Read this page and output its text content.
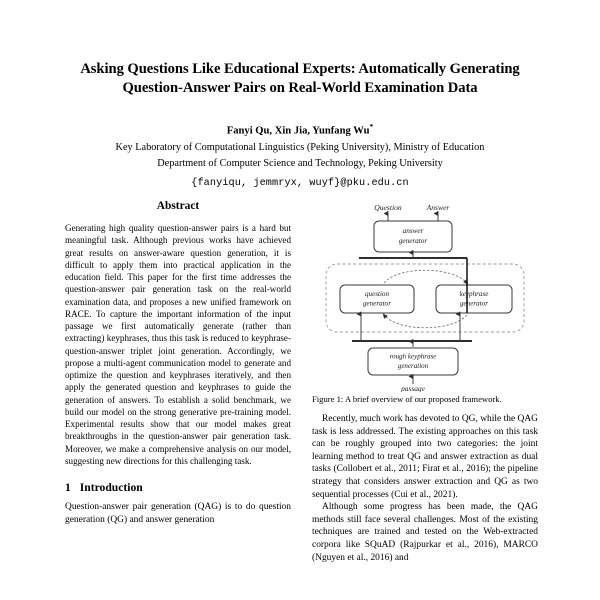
Asking Questions Like Educational Experts: Automatically Generating Question-Answer Pairs on Real-World Examination Data
Fanyi Qu, Xin Jia, Yunfang Wu*
Key Laboratory of Computational Linguistics (Peking University), Ministry of Education
Department of Computer Science and Technology, Peking University
{fanyiqu, jemmryx, wuyf}@pku.edu.cn
Abstract

Generating high quality question-answer pairs is a hard but meaningful task. Although previous works have achieved great results on answer-aware question generation, it is difficult to apply them into practical application in the education field. This paper for the first time addresses the question-answer pair generation task on the real-world examination data, and proposes a new unified framework on RACE. To capture the important information of the input passage we first automatically generate (rather than extracting) keyphrases, thus this task is reduced to keyphrase-question-answer triplet joint generation. Accordingly, we propose a multi-agent communication model to generate and optimize the question and keyphrases iteratively, and then apply the generated question and keyphrases to guide the generation of answers. To establish a solid benchmark, we build our model on the strong generative pre-training model. Experimental results show that our model makes great breakthroughs in the question-answer pair generation task. Moreover, we make a comprehensive analysis on our model, suggesting new directions for this challenging task.

1 Introduction

Question-answer pair generation (QAG) is to do question generation (QG) and answer generation

Question	Answer
answer
generator
question
generator
keyphrase
generator
rough keyphrase
generation
passage
Figure 1: A brief overview of our proposed framework.

Recently, much work has devoted to QG, while the QAG task is less addressed. The existing approaches on this task can be roughly grouped into two categories: the joint learning method to treat QG and answer extraction as dual tasks (Collobert et al., 2011; Firat et al., 2016); the pipeline strategy that considers answer extraction and QG as two sequential processes (Cui et al., 2021).

Although some progress has been made, the QAG methods still face several challenges. Most of the existing techniques are trained and tested on the Web-extracted corpora like SQuAD (Rajpurkar et al., 2016), MARCO (Nguyen et al., 2016) and
